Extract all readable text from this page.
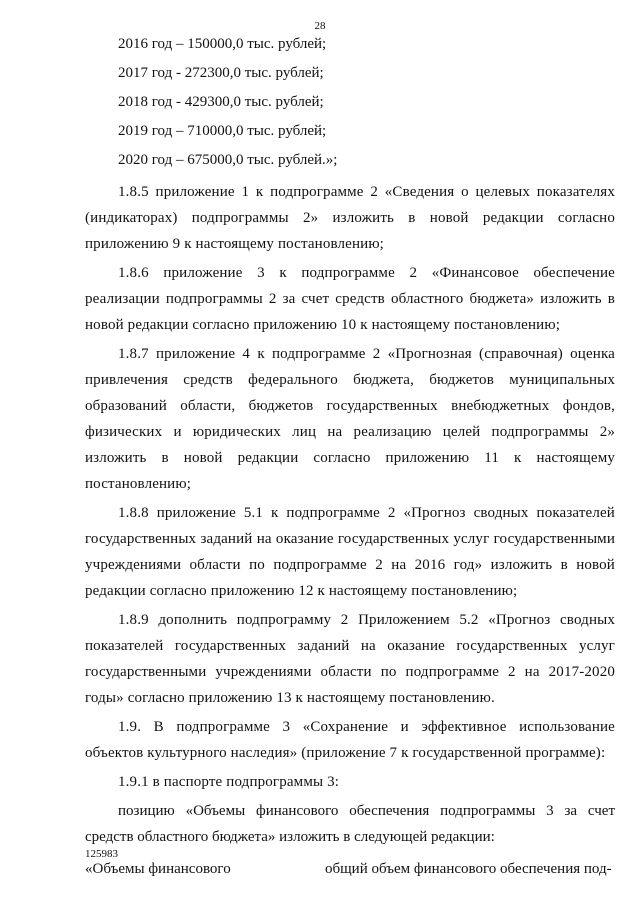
28
2016 год – 150000,0 тыс. рублей;
2017 год - 272300,0 тыс. рублей;
2018 год - 429300,0 тыс. рублей;
2019 год – 710000,0 тыс. рублей;
2020 год – 675000,0 тыс. рублей.»;

1.8.5 приложение 1 к подпрограмме 2 «Сведения о целевых показателях (индикаторах) подпрограммы 2» изложить в новой редакции согласно приложению 9 к настоящему постановлению;

1.8.6 приложение 3 к подпрограмме 2 «Финансовое обеспечение реализации подпрограммы 2 за счет средств областного бюджета» изложить в новой редакции согласно приложению 10 к настоящему постановлению;

1.8.7 приложение 4 к подпрограмме 2 «Прогнозная (справочная) оценка привлечения средств федерального бюджета, бюджетов муниципальных образований области, бюджетов государственных внебюджетных фондов, физических и юридических лиц на реализацию целей подпрограммы 2» изложить в новой редакции согласно приложению 11 к настоящему постановлению;

1.8.8 приложение 5.1 к подпрограмме 2 «Прогноз сводных показателей государственных заданий на оказание государственных услуг государственными учреждениями области по подпрограмме 2 на 2016 год» изложить в новой редакции согласно приложению 12 к настоящему постановлению;

1.8.9 дополнить подпрограмму 2 Приложением 5.2 «Прогноз сводных показателей государственных заданий на оказание государственных услуг государственными учреждениями области по подпрограмме 2 на 2017-2020 годы» согласно приложению 13 к настоящему постановлению.

1.9. В подпрограмме 3 «Сохранение и эффективное использование объектов культурного наследия» (приложение 7 к государственной программе):

1.9.1 в паспорте подпрограммы 3:

позицию «Объемы финансового обеспечения подпрограммы 3 за счет средств областного бюджета» изложить в следующей редакции:

«Объемы финансового	общий объем финансового обеспечения под-
125983
